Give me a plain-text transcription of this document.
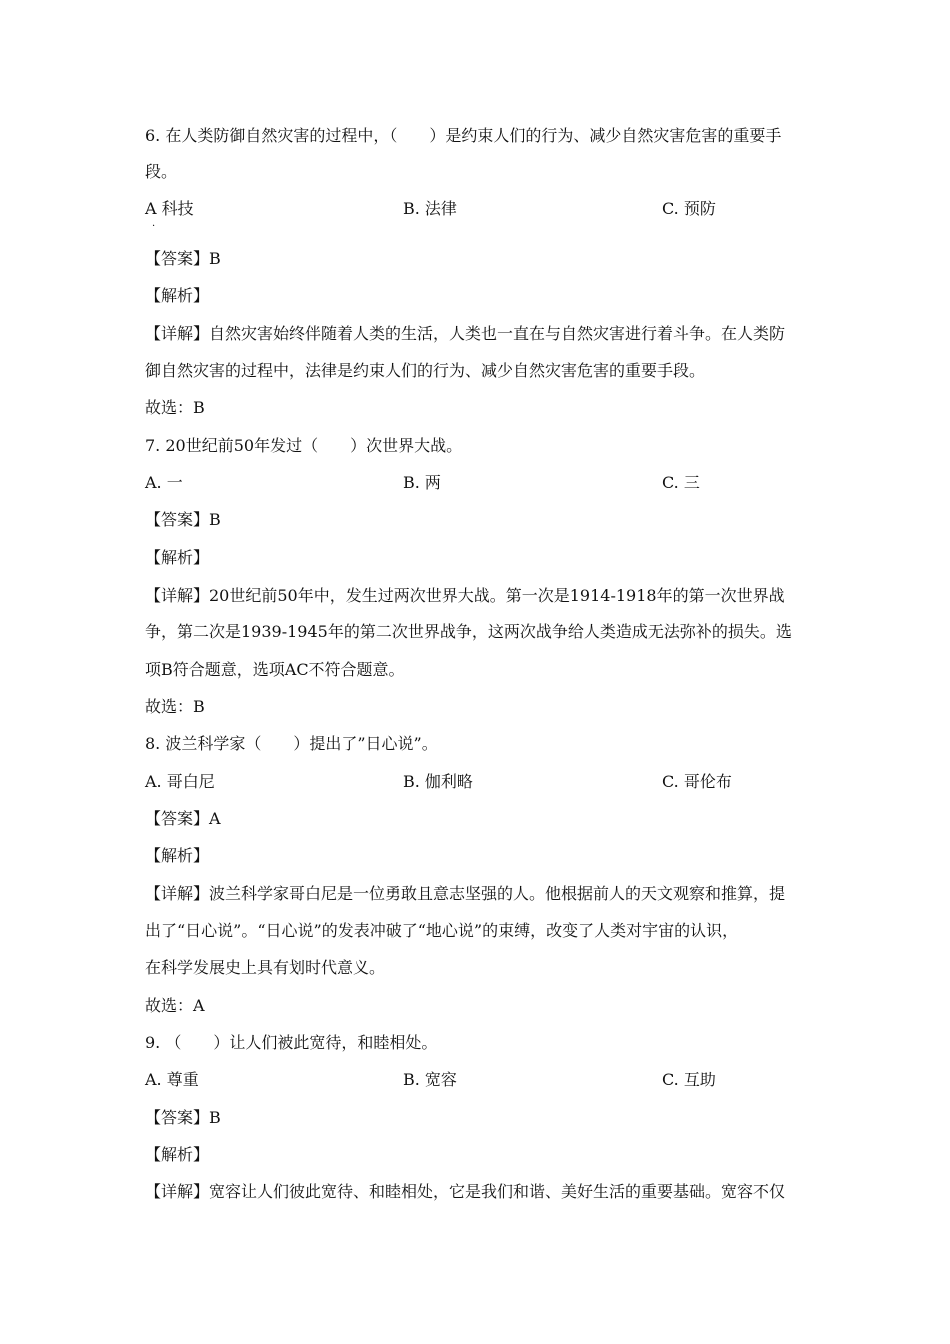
6. 在人类防御自然灾害的过程中，（　　）是约束人们的行为、减少自然灾害危害的重要手
段。
A 科技	B. 法律	C. 预防
·
【答案】B
【解析】
【详解】自然灾害始终伴随着人类的生活，人类也一直在与自然灾害进行着斗争。在人类防
御自然灾害的过程中，法律是约束人们的行为、减少自然灾害危害的重要手段。
故选：B
7. 20世纪前50年发过（　　）次世界大战。
A. 一	B. 两	C. 三
【答案】B
【解析】
【详解】20世纪前50年中，发生过两次世界大战。第一次是1914-1918年的第一次世界战
争，第二次是1939-1945年的第二次世界战争，这两次战争给人类造成无法弥补的损失。选
项B符合题意，选项AC不符合题意。
故选：B
8. 波兰科学家（　　）提出了”日心说”。
A. 哥白尼	B. 伽利略	C. 哥伦布
【答案】A
【解析】
【详解】波兰科学家哥白尼是一位勇敢且意志坚强的人。他根据前人的天文观察和推算，提
出了“日心说”。“日心说”的发表冲破了“地心说”的束缚，改变了人类对宇宙的认识，
在科学发展史上具有划时代意义。
故选：A
9. （　　）让人们被此宽待，和睦相处。
A. 尊重	B. 宽容	C. 互助
【答案】B
【解析】
【详解】宽容让人们彼此宽待、和睦相处，它是我们和谐、美好生活的重要基础。宽容不仅
